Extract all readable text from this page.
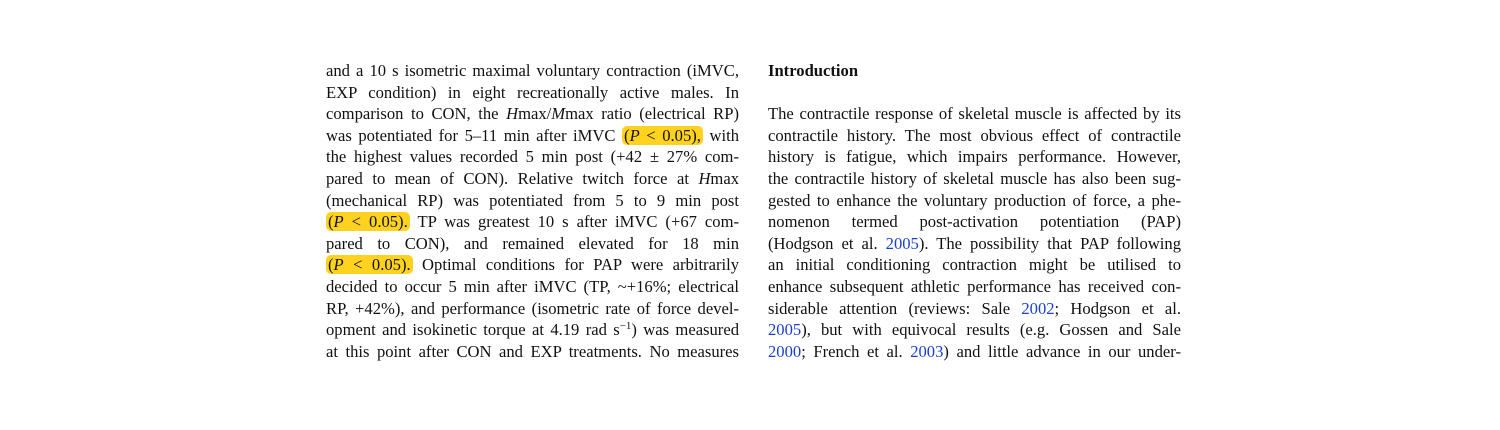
and a 10 s isometric maximal voluntary contraction (iMVC,
EXP condition) in eight recreationally active males. In
comparison to CON, the Hmax/Mmax ratio (electrical RP)
was potentiated for 5–11 min after iMVC (P < 0.05), with
the highest values recorded 5 min post (+42 ± 27% com-
pared to mean of CON). Relative twitch force at Hmax
(mechanical RP) was potentiated from 5 to 9 min post
(P < 0.05). TP was greatest 10 s after iMVC (+67 com-
pared to CON), and remained elevated for 18 min
(P < 0.05). Optimal conditions for PAP were arbitrarily
decided to occur 5 min after iMVC (TP, ~+16%; electrical
RP, +42%), and performance (isometric rate of force devel-
opment and isokinetic torque at 4.19 rad $s^{-1}$) was measured
at this point after CON and EXP treatments. No measures
Introduction
The contractile response of skeletal muscle is affected by its
contractile history. The most obvious effect of contractile
history is fatigue, which impairs performance. However,
the contractile history of skeletal muscle has also been sug-
gested to enhance the voluntary production of force, a phe-
nomenon termed post-activation potentiation (PAP)
(Hodgson et al. 2005). The possibility that PAP following
an initial conditioning contraction might be utilised to
enhance subsequent athletic performance has received con-
siderable attention (reviews: Sale 2002; Hodgson et al.
2005), but with equivocal results (e.g. Gossen and Sale
2000; French et al. 2003) and little advance in our under-
